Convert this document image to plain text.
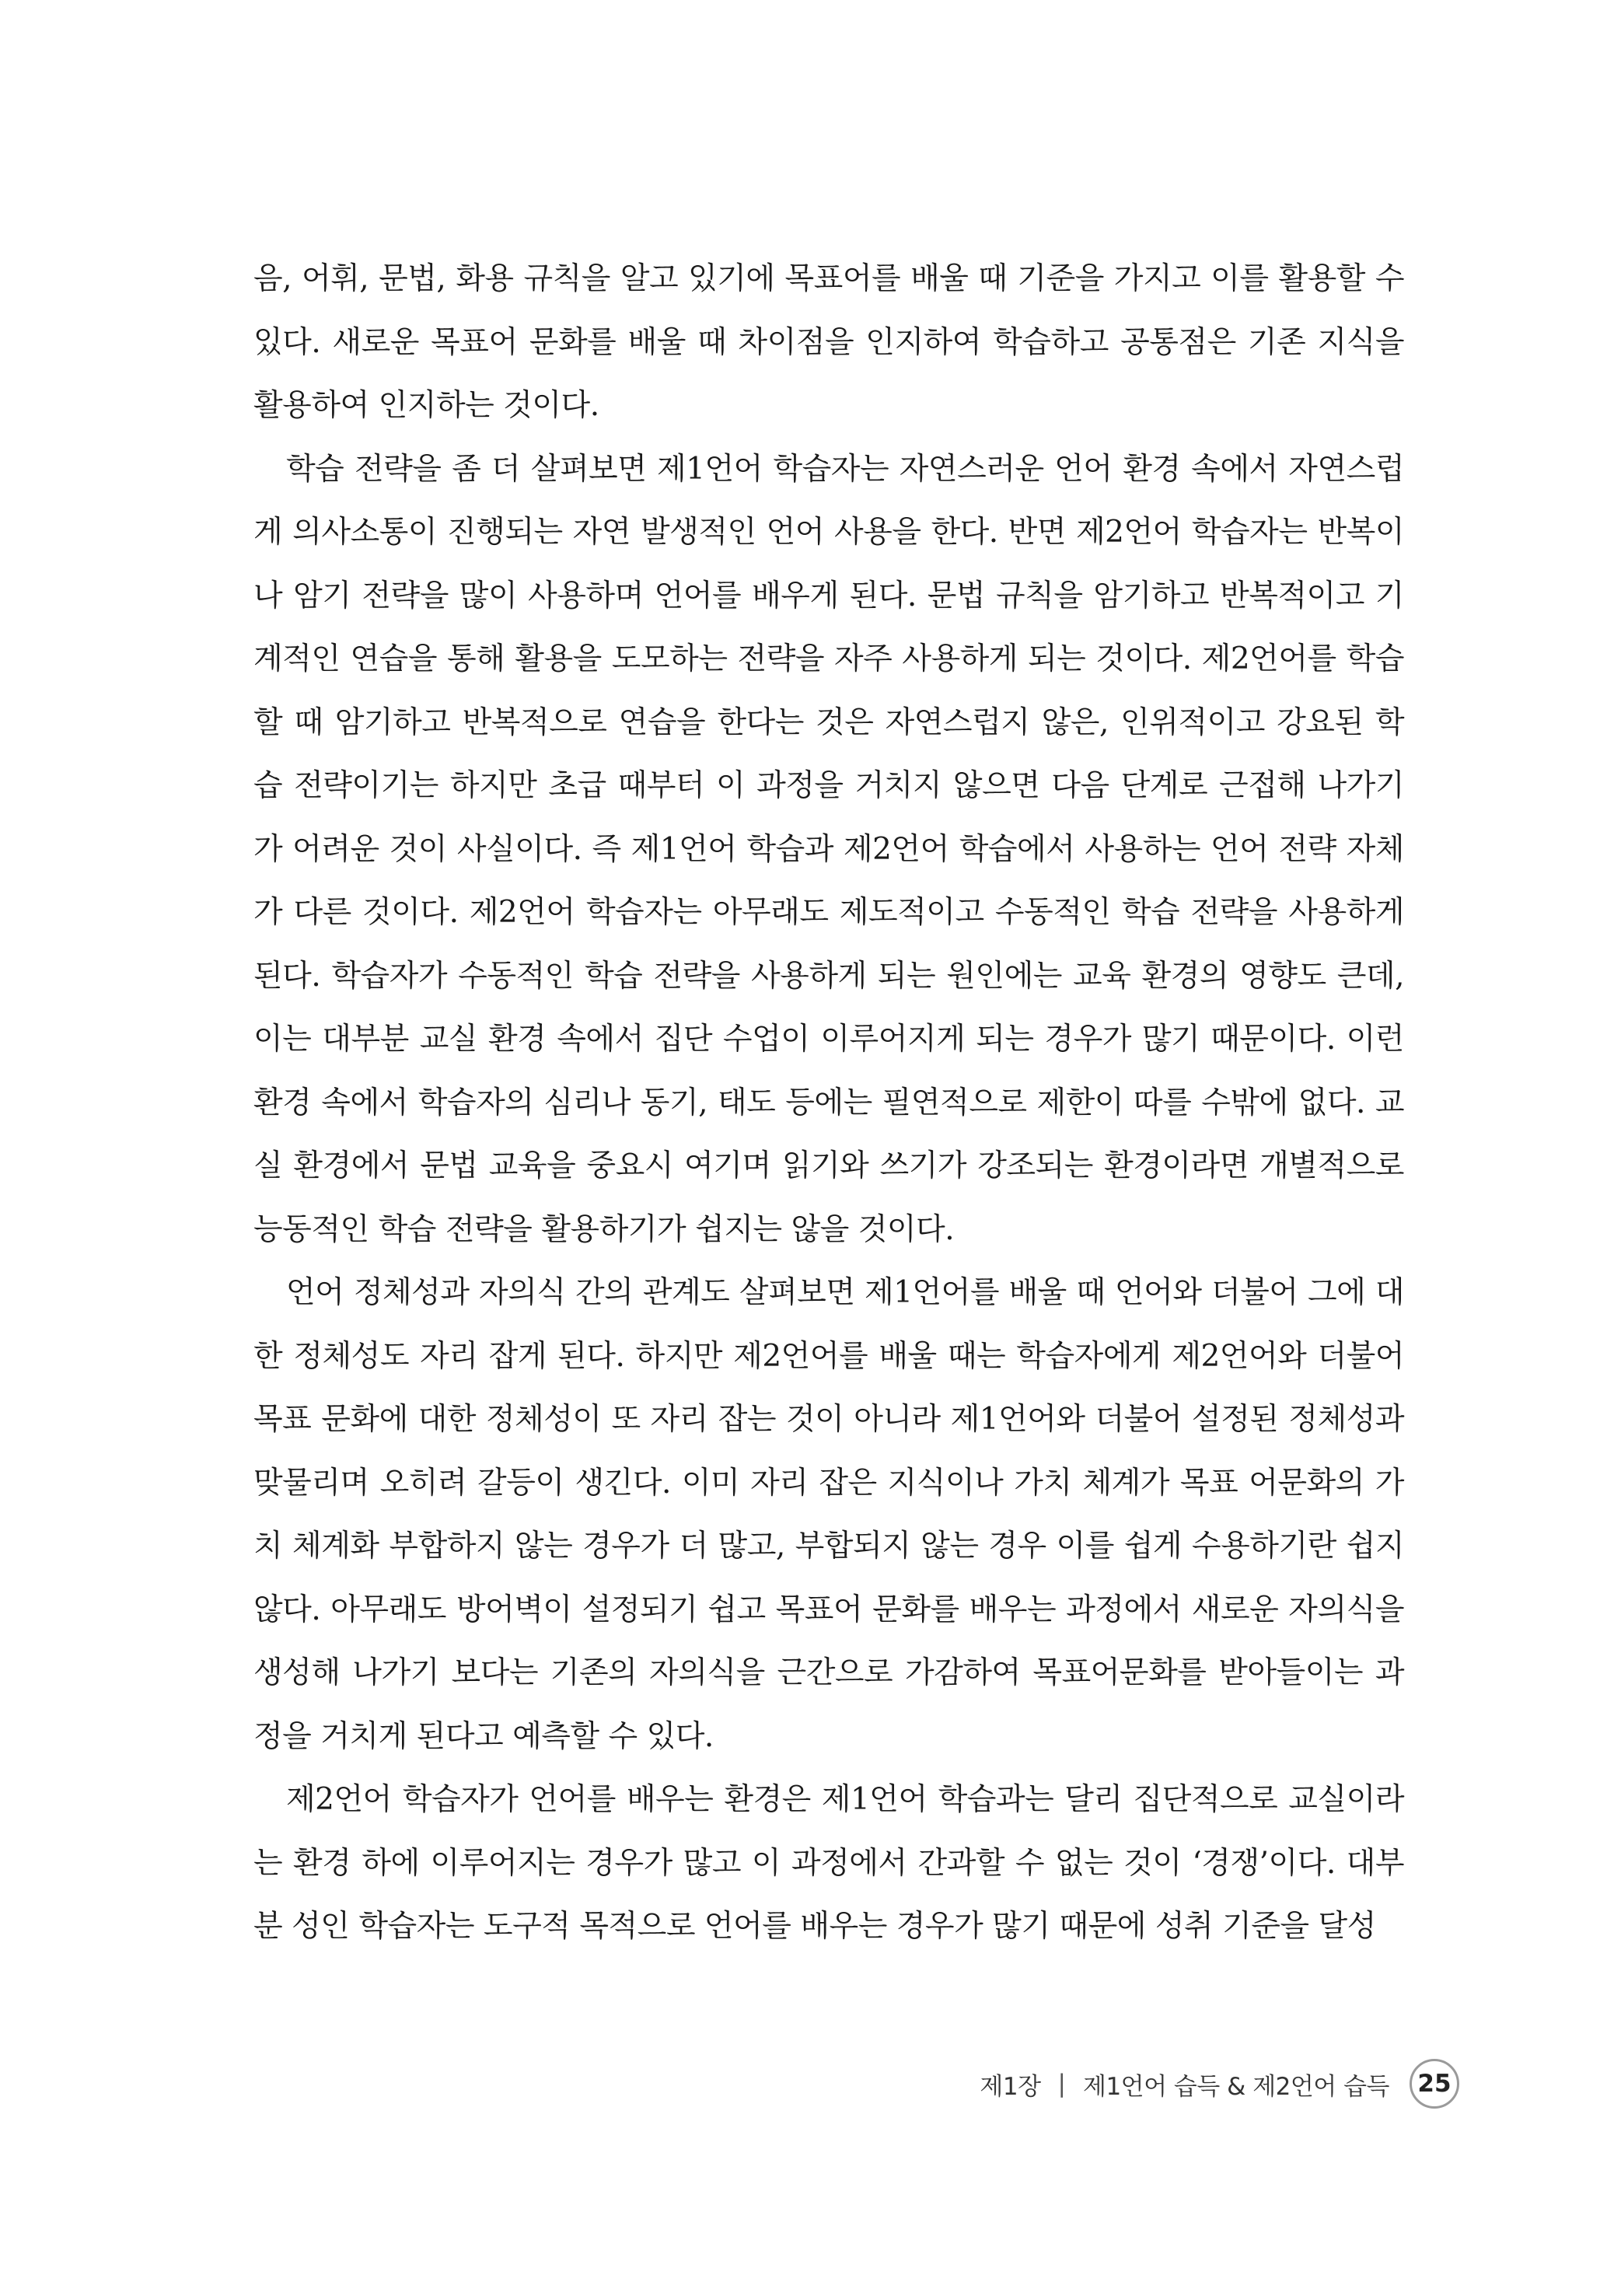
음, 어휘, 문법, 화용 규칙을 알고 있기에 목표어를 배울 때 기준을 가지고 이를 활용할 수 있다. 새로운 목표어 문화를 배울 때 차이점을 인지하여 학습하고 공통점은 기존 지식을 활용하여 인지하는 것이다.

학습 전략을 좀 더 살펴보면 제1언어 학습자는 자연스러운 언어 환경 속에서 자연스럽게 의사소통이 진행되는 자연 발생적인 언어 사용을 한다. 반면 제2언어 학습자는 반복이나 암기 전략을 많이 사용하며 언어를 배우게 된다. 문법 규칙을 암기하고 반복적이고 기계적인 연습을 통해 활용을 도모하는 전략을 자주 사용하게 되는 것이다. 제2언어를 학습할 때 암기하고 반복적으로 연습을 한다는 것은 자연스럽지 않은, 인위적이고 강요된 학습 전략이기는 하지만 초급 때부터 이 과정을 거치지 않으면 다음 단계로 근접해 나가기가 어려운 것이 사실이다. 즉 제1언어 학습과 제2언어 학습에서 사용하는 언어 전략 자체가 다른 것이다. 제2언어 학습자는 아무래도 제도적이고 수동적인 학습 전략을 사용하게 된다. 학습자가 수동적인 학습 전략을 사용하게 되는 원인에는 교육 환경의 영향도 큰데, 이는 대부분 교실 환경 속에서 집단 수업이 이루어지게 되는 경우가 많기 때문이다. 이런 환경 속에서 학습자의 심리나 동기, 태도 등에는 필연적으로 제한이 따를 수밖에 없다. 교실 환경에서 문법 교육을 중요시 여기며 읽기와 쓰기가 강조되는 환경이라면 개별적으로 능동적인 학습 전략을 활용하기가 쉽지는 않을 것이다.

언어 정체성과 자의식 간의 관계도 살펴보면 제1언어를 배울 때 언어와 더불어 그에 대한 정체성도 자리 잡게 된다. 하지만 제2언어를 배울 때는 학습자에게 제2언어와 더불어 목표 문화에 대한 정체성이 또 자리 잡는 것이 아니라 제1언어와 더불어 설정된 정체성과 맞물리며 오히려 갈등이 생긴다. 이미 자리 잡은 지식이나 가치 체계가 목표 어문화의 가치 체계화 부합하지 않는 경우가 더 많고, 부합되지 않는 경우 이를 쉽게 수용하기란 쉽지 않다. 아무래도 방어벽이 설정되기 쉽고 목표어 문화를 배우는 과정에서 새로운 자의식을 생성해 나가기 보다는 기존의 자의식을 근간으로 가감하여 목표어문화를 받아들이는 과정을 거치게 된다고 예측할 수 있다.

제2언어 학습자가 언어를 배우는 환경은 제1언어 학습과는 달리 집단적으로 교실이라는 환경 하에 이루어지는 경우가 많고 이 과정에서 간과할 수 없는 것이 ‘경쟁’이다. 대부분 성인 학습자는 도구적 목적으로 언어를 배우는 경우가 많기 때문에 성취 기준을 달성

제1장 | 제1언어 습득 & 제2언어 습득 25
